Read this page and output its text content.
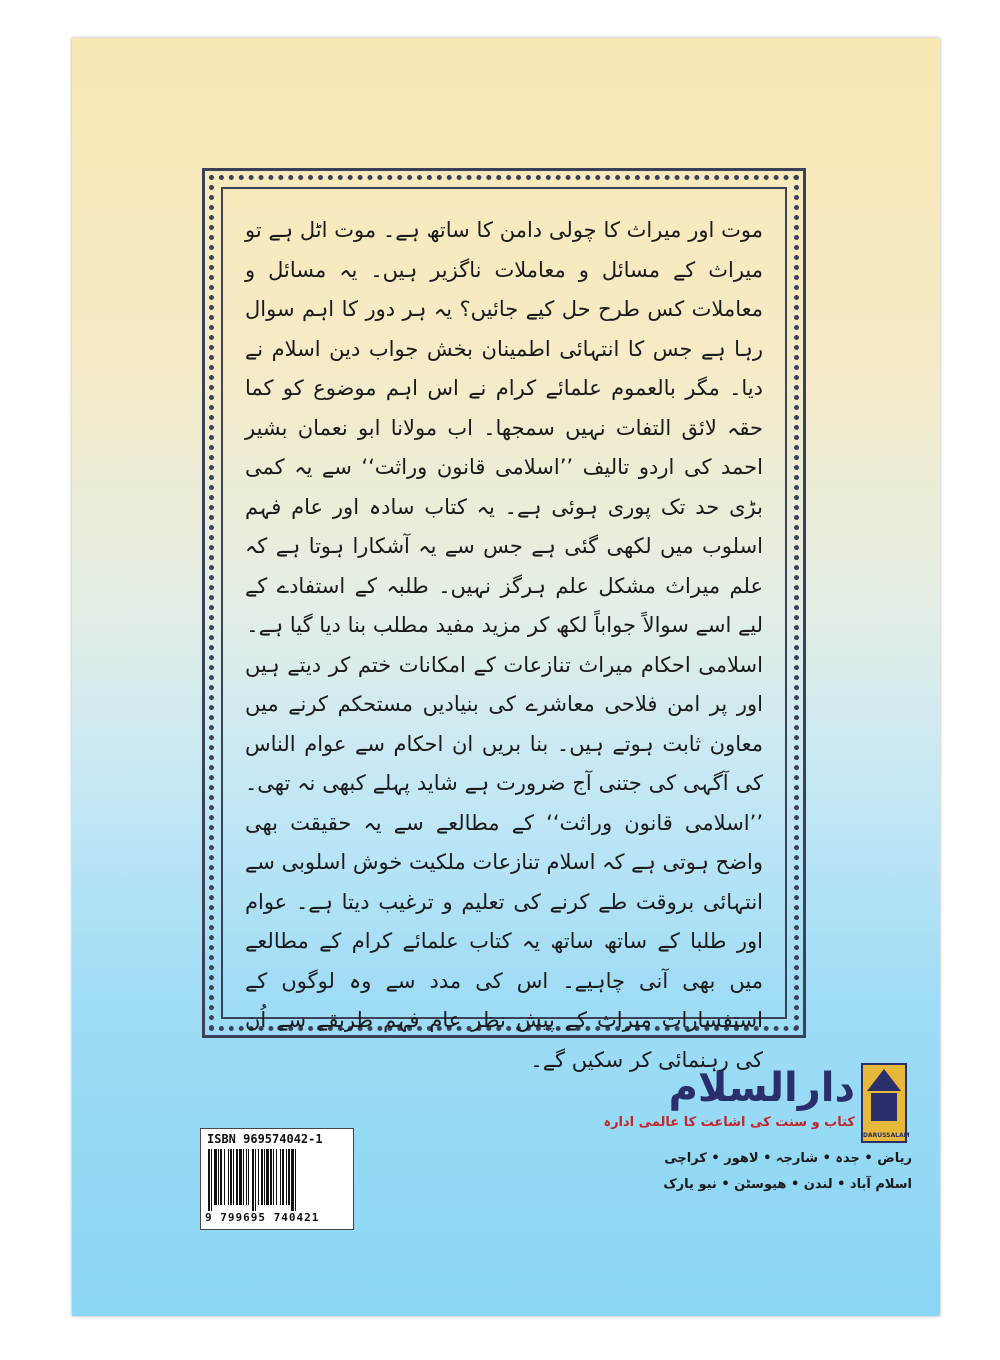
موت اور میراث کا چولی دامن کا ساتھ ہے۔ موت اٹل ہے تو میراث کے مسائل و معاملات ناگزیر ہیں۔ یہ مسائل و معاملات کس طرح حل کیے جائیں؟ یہ ہر دور کا اہم سوال رہا ہے جس کا انتہائی اطمینان بخش جواب دین اسلام نے دیا۔ مگر بالعموم علمائے کرام نے اس اہم موضوع کو کما حقہ لائق التفات نہیں سمجھا۔ اب مولانا ابو نعمان بشیر احمد کی اردو تالیف ’’اسلامی قانون وراثت‘‘ سے یہ کمی بڑی حد تک پوری ہوئی ہے۔ یہ کتاب سادہ اور عام فہم اسلوب میں لکھی گئی ہے جس سے یہ آشکارا ہوتا ہے کہ علم میراث مشکل علم ہرگز نہیں۔ طلبہ کے استفادے کے لیے اسے سوالاً جواباً لکھ کر مزید مفید مطلب بنا دیا گیا ہے۔

اسلامی احکام میراث تنازعات کے امکانات ختم کر دیتے ہیں اور پر امن فلاحی معاشرے کی بنیادیں مستحکم کرنے میں معاون ثابت ہوتے ہیں۔ بنا بریں ان احکام سے عوام الناس کی آگہی کی جتنی آج ضرورت ہے شاید پہلے کبھی نہ تھی۔ ’’اسلامی قانون وراثت‘‘ کے مطالعے سے یہ حقیقت بھی واضح ہوتی ہے کہ اسلام تنازعات ملکیت خوش اسلوبی سے انتہائی بروقت طے کرنے کی تعلیم و ترغیب دیتا ہے۔ عوام اور طلبا کے ساتھ ساتھ یہ کتاب علمائے کرام کے مطالعے میں بھی آنی چاہیے۔ اس کی مدد سے وہ لوگوں کے استفسارات میراث کے پیش نظر عام فہم طریقے سے اُن کی رہنمائی کر سکیں گے۔

DARUSSALAM
دارالسلام
کتاب و سنت کی اشاعت کا عالمی ادارہ
ریاض • جدہ • شارجہ • لاهور • کراچی
اسلام آباد • لندن • هیوسٹن • نیو یارک
ISBN 969574042-1
9 799695 740421
